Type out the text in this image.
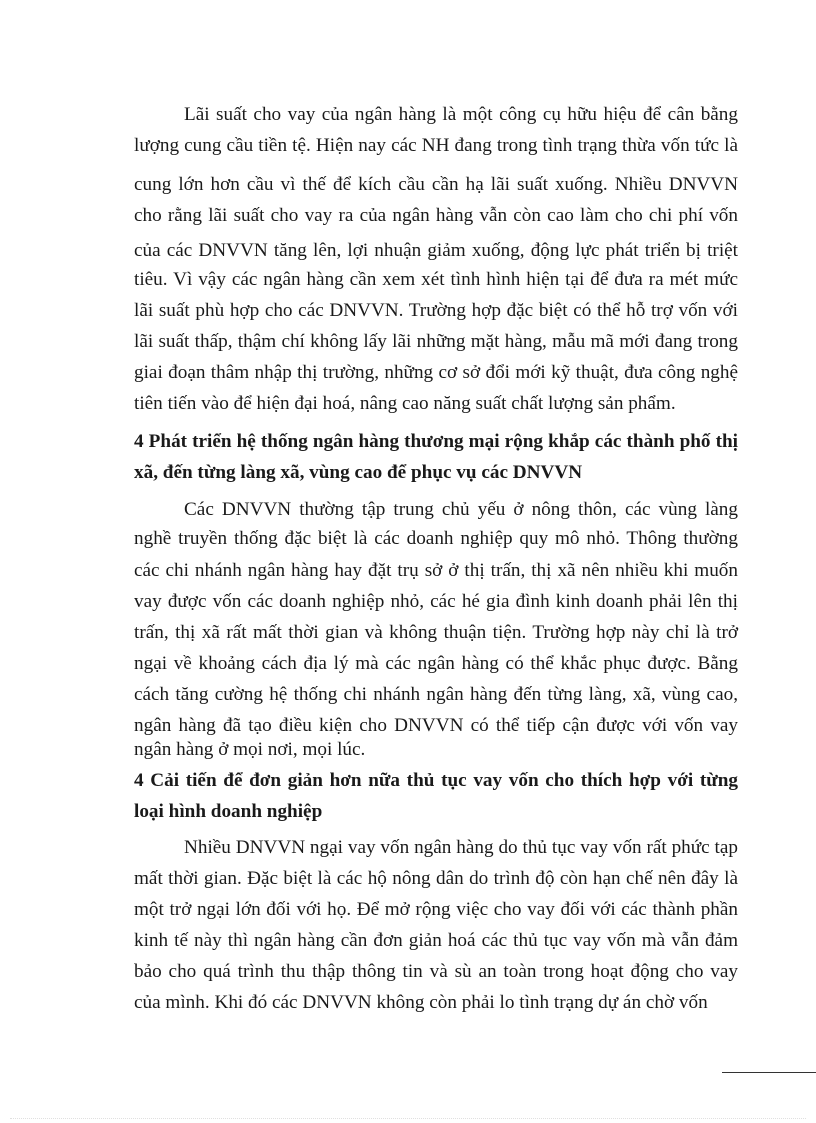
Lãi suất cho vay của ngân hàng là một công cụ hữu hiệu để cân bằng
lượng cung cầu tiền tệ. Hiện nay các NH đang trong tình trạng thừa vốn tức là
cung lớn hơn cầu vì thế để kích cầu cần hạ lãi suất xuống. Nhiều DNVVN
cho rằng lãi suất cho vay ra của ngân hàng vẫn còn cao làm cho chi phí vốn
của các DNVVN tăng lên, lợi nhuận giảm xuống, động lực phát triển bị triệt
tiêu. Vì vậy các ngân hàng cần xem xét tình hình hiện tại để đưa ra mét mức
lãi suất phù hợp cho các DNVVN. Trường hợp đặc biệt có thể hỗ trợ vốn với
lãi suất thấp, thậm chí không lấy lãi những mặt hàng, mẫu mã mới đang trong
giai đoạn thâm nhập thị trường, những cơ sở đổi mới kỹ thuật, đưa công nghệ
tiên tiến vào để hiện đại hoá, nâng cao năng suất chất lượng sản phẩm.
4 Phát triển hệ thống ngân hàng thương mại rộng khắp các thành phố thị
xã, đến từng làng xã, vùng cao để phục vụ các DNVVN
Các DNVVN thường tập trung chủ yếu ở nông thôn, các vùng làng
nghề truyền thống đặc biệt là các doanh nghiệp quy mô nhỏ. Thông thường
các chi nhánh ngân hàng hay đặt trụ sở ở thị trấn, thị xã nên nhiều khi muốn
vay được vốn các doanh nghiệp nhỏ, các hé gia đình kinh doanh phải lên thị
trấn, thị xã rất mất thời gian và không thuận tiện. Trường hợp này chỉ là trở
ngại về khoảng cách địa lý mà các ngân hàng có thể khắc phục được. Bằng
cách tăng cường hệ thống chi nhánh ngân hàng đến từng làng, xã, vùng cao,
ngân hàng đã tạo điều kiện cho DNVVN có thể tiếp cận được với vốn vay
ngân hàng ở mọi nơi, mọi lúc.
4 Cải tiến để đơn giản hơn nữa thủ tục vay vốn cho thích hợp với từng
loại hình doanh nghiệp
Nhiều DNVVN ngại vay vốn ngân hàng do thủ tục vay vốn rất phức tạp
mất thời gian. Đặc biệt là các hộ nông dân do trình độ còn hạn chế nên đây là
một trở ngại lớn đối với họ. Để mở rộng việc cho vay đối với các thành phần
kinh tế này thì ngân hàng cần đơn giản hoá các thủ tục vay vốn mà vẫn đảm
bảo cho quá trình thu thập thông tin và sù an toàn trong hoạt động cho vay
của mình. Khi đó các DNVVN không còn phải lo tình trạng dự án chờ vốn
